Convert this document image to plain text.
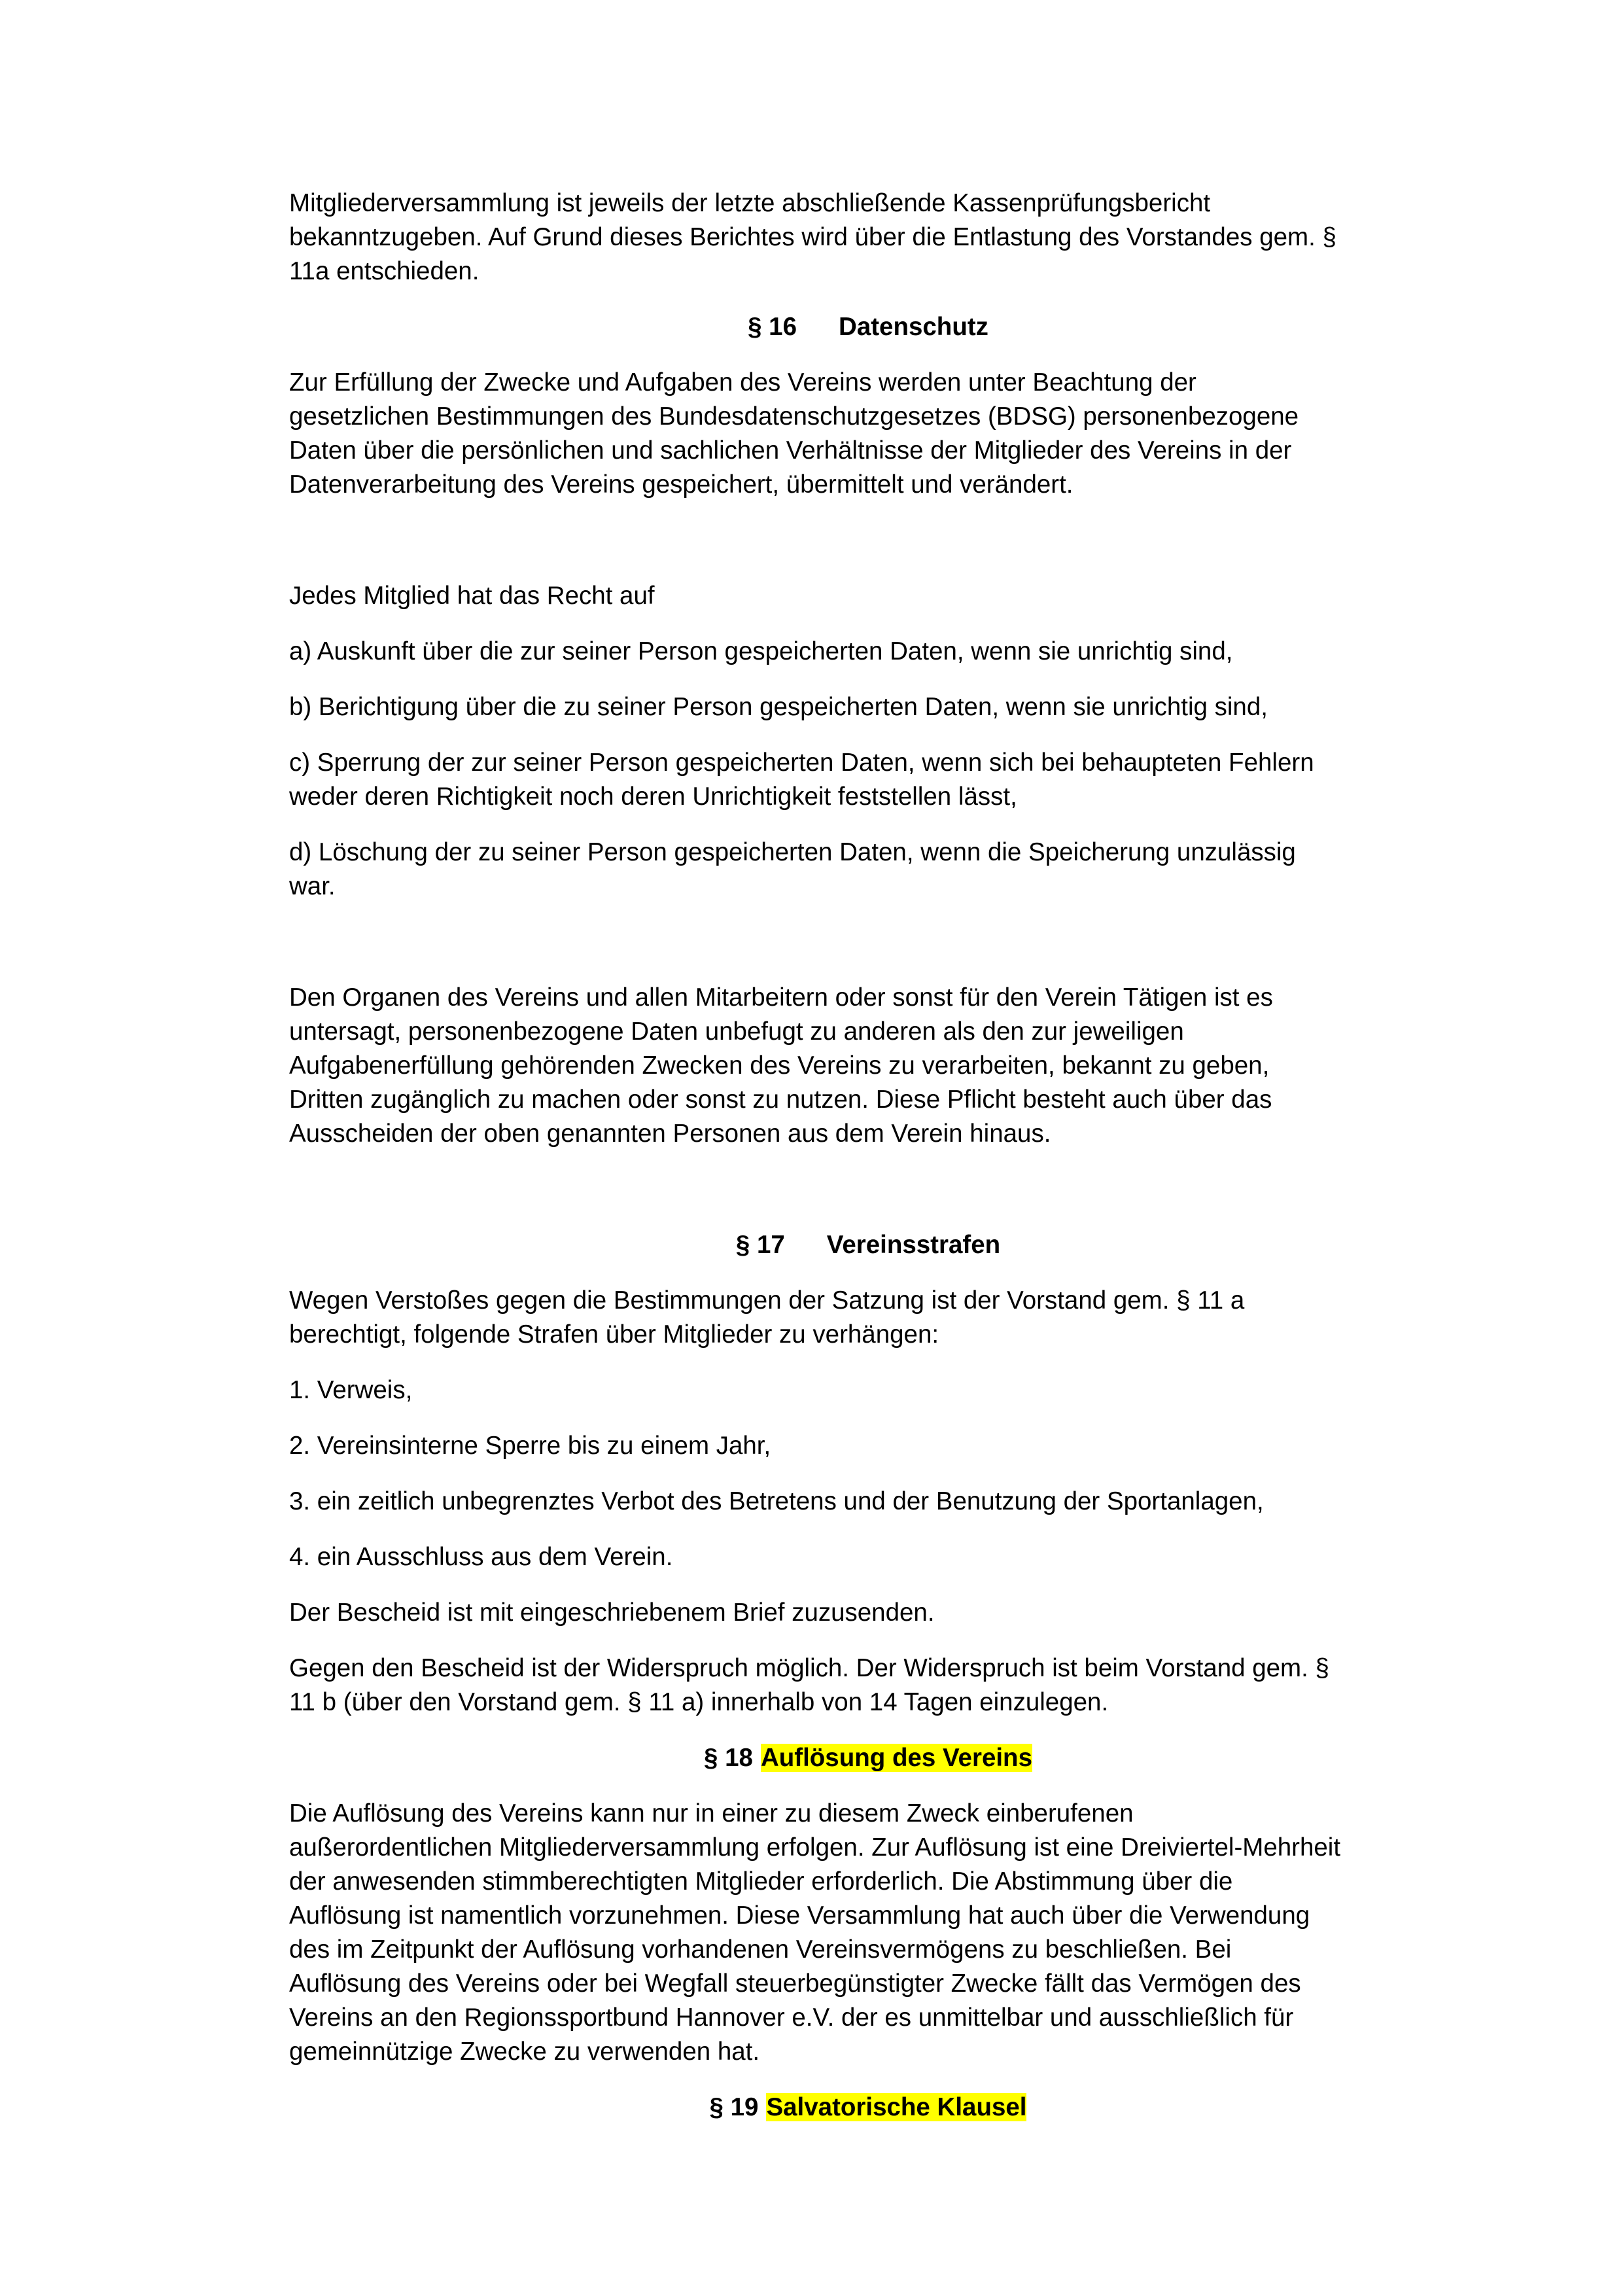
Mitgliederversammlung ist jeweils der letzte abschließende Kassenprüfungsbericht
bekanntzugeben. Auf Grund dieses Berichtes wird über die Entlastung des Vorstandes gem. §
11a entschieden.

§ 16 Datenschutz

Zur Erfüllung der Zwecke und Aufgaben des Vereins werden unter Beachtung der
gesetzlichen Bestimmungen des Bundesdatenschutzgesetzes (BDSG) personenbezogene
Daten über die persönlichen und sachlichen Verhältnisse der Mitglieder des Vereins in der
Datenverarbeitung des Vereins gespeichert, übermittelt und verändert.

Jedes Mitglied hat das Recht auf

a) Auskunft über die zur seiner Person gespeicherten Daten, wenn sie unrichtig sind,

b) Berichtigung über die zu seiner Person gespeicherten Daten, wenn sie unrichtig sind,

c) Sperrung der zur seiner Person gespeicherten Daten, wenn sich bei behaupteten Fehlern
weder deren Richtigkeit noch deren Unrichtigkeit feststellen lässt,

d) Löschung der zu seiner Person gespeicherten Daten, wenn die Speicherung unzulässig
war.

Den Organen des Vereins und allen Mitarbeitern oder sonst für den Verein Tätigen ist es
untersagt, personenbezogene Daten unbefugt zu anderen als den zur jeweiligen
Aufgabenerfüllung gehörenden Zwecken des Vereins zu verarbeiten, bekannt zu geben,
Dritten zugänglich zu machen oder sonst zu nutzen. Diese Pflicht besteht auch über das
Ausscheiden der oben genannten Personen aus dem Verein hinaus.

§ 17 Vereinsstrafen

Wegen Verstoßes gegen die Bestimmungen der Satzung ist der Vorstand gem. § 11 a
berechtigt, folgende Strafen über Mitglieder zu verhängen:

1. Verweis,

2. Vereinsinterne Sperre bis zu einem Jahr,

3. ein zeitlich unbegrenztes Verbot des Betretens und der Benutzung der Sportanlagen,

4. ein Ausschluss aus dem Verein.

Der Bescheid ist mit eingeschriebenem Brief zuzusenden.

Gegen den Bescheid ist der Widerspruch möglich. Der Widerspruch ist beim Vorstand gem. §
11 b (über den Vorstand gem. § 11 a) innerhalb von 14 Tagen einzulegen.

§ 18 Auflösung des Vereins

Die Auflösung des Vereins kann nur in einer zu diesem Zweck einberufenen
außerordentlichen Mitgliederversammlung erfolgen. Zur Auflösung ist eine Dreiviertel-Mehrheit
der anwesenden stimmberechtigten Mitglieder erforderlich. Die Abstimmung über die
Auflösung ist namentlich vorzunehmen. Diese Versammlung hat auch über die Verwendung
des im Zeitpunkt der Auflösung vorhandenen Vereinsvermögens zu beschließen. Bei
Auflösung des Vereins oder bei Wegfall steuerbegünstigter Zwecke fällt das Vermögen des
Vereins an den Regionssportbund Hannover e.V. der es unmittelbar und ausschließlich für
gemeinnützige Zwecke zu verwenden hat.

§ 19 Salvatorische Klausel
